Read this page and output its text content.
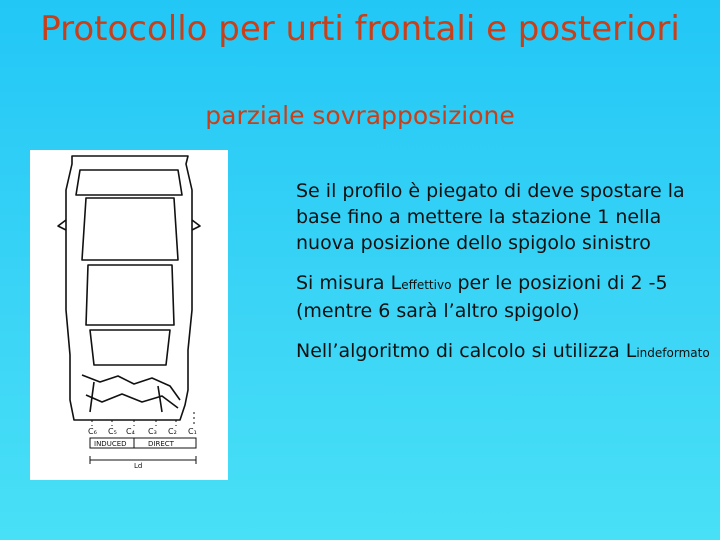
Protocollo per urti frontali e posteriori
parziale sovrapposizione
C₆ C₅ C₄ C₃ C₂ C₁
INDUCED	DIRECT
Ld

Se il profilo è piegato di deve spostare la base fino a mettere la stazione 1 nella nuova posizione dello spigolo sinistro

Si misura Leffettivo per le posizioni di 2 -5 (mentre 6 sarà l’altro spigolo)

Nell’algoritmo di calcolo si utilizza Lindeformato
